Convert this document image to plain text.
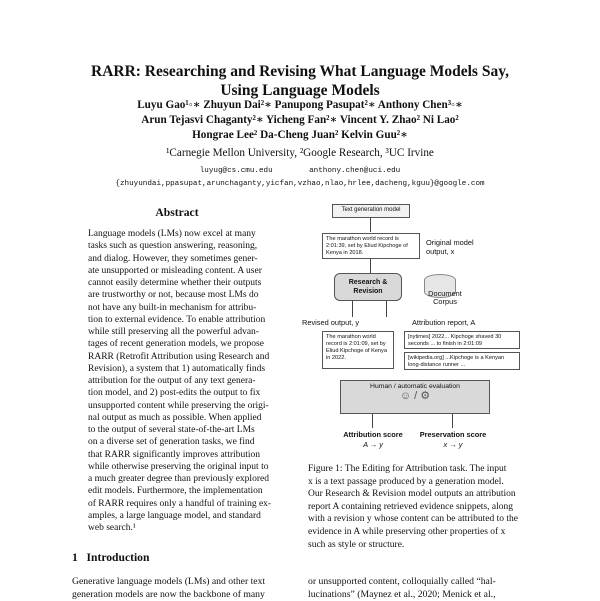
RARR: Researching and Revising What Language Models Say,
Using Language Models
Luyu Gao¹◦∗ Zhuyun Dai²∗ Panupong Pasupat²∗ Anthony Chen³◦∗
Arun Tejasvi Chaganty²∗ Yicheng Fan²∗ Vincent Y. Zhao² Ni Lao²
Hongrae Lee² Da-Cheng Juan² Kelvin Guu²∗
¹Carnegie Mellon University, ²Google Research, ³UC Irvine
luyug@cs.cmu.edu        anthony.chen@uci.edu
{zhuyundai,ppasupat,arunchaganty,yicfan,vzhao,nlao,hrlee,dacheng,kguu}@google.com
Abstract
Language models (LMs) now excel at many
tasks such as question answering, reasoning,
and dialog. However, they sometimes gener-
ate unsupported or misleading content. A user
cannot easily determine whether their outputs
are trustworthy or not, because most LMs do
not have any built-in mechanism for attribu-
tion to external evidence. To enable attribution
while still preserving all the powerful advan-
tages of recent generation models, we propose
RARR (Retrofit Attribution using Research and
Revision), a system that 1) automatically finds
attribution for the output of any text genera-
tion model, and 2) post-edits the output to fix
unsupported content while preserving the origi-
nal output as much as possible. When applied
to the output of several state-of-the-art LMs
on a diverse set of generation tasks, we find
that RARR significantly improves attribution
while otherwise preserving the original input to
a much greater degree than previously explored
edit models. Furthermore, the implementation
of RARR requires only a handful of training ex-
amples, a large language model, and standard
web search.¹
Text generation model
The marathon world record is 2:01:39, set by Eliud Kipchoge of Kenya in 2018.
Original model output, x
Research & Revision	Document Corpus
Revised output, y	Attribution report, A
The marathon world record is 2:01:09, set by Eliud Kipchoge of Kenya in 2022.
[nytimes] 2022... Kipchoge shaved 30 seconds ... to finish in 2:01:09
[wikipedia.org] ...Kipchoge is a Kenyan long-distance runner ...
Human / automatic evaluation
☺ / ⚙
Attribution score
A → y
Preservation score
x → y
Figure 1: The Editing for Attribution task. The input
x is a text passage produced by a generation model.
Our Research & Revision model outputs an attribution
report A containing retrieved evidence snippets, along
with a revision y whose content can be attributed to the
evidence in A while preserving other properties of x
such as style or structure.
1   Introduction
Generative language models (LMs) and other text
generation models are now the backbone of many
or unsupported content, colloquially called “hal-
lucinations” (Maynez et al., 2020; Menick et al.,
